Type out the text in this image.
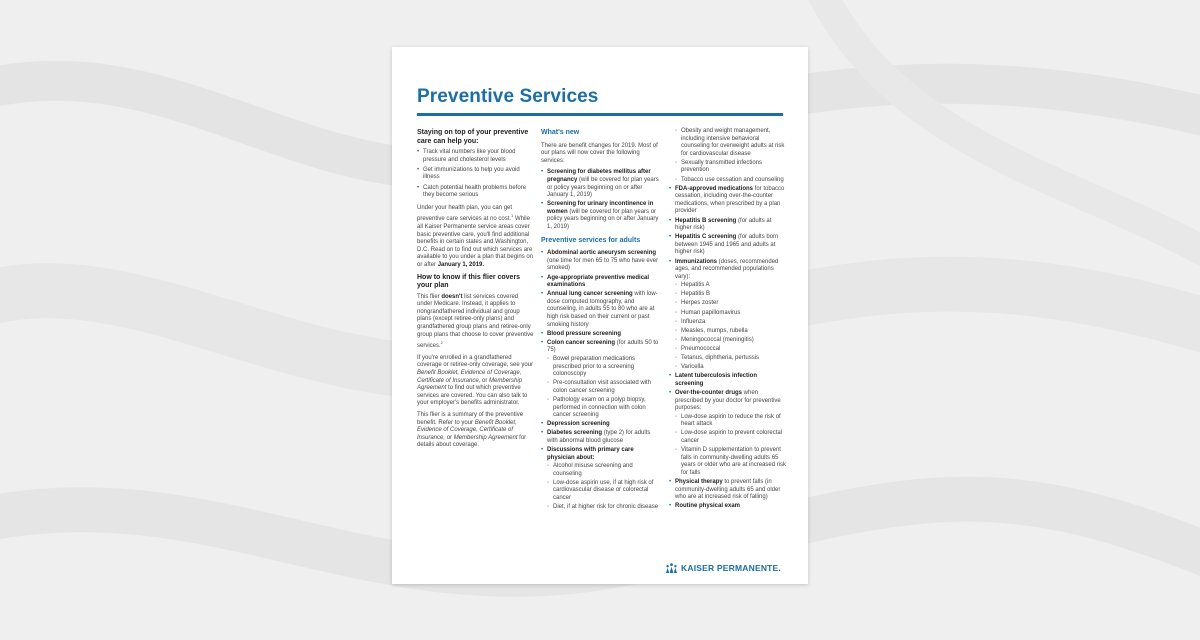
Preventive Services
Staying on top of your preventive care can help you:
• Track vital numbers like your blood pressure and cholesterol levels
• Get immunizations to help you avoid illness
• Catch potential health problems before they become serious

Under your health plan, you can get preventive care services at no cost.$^1$ While all Kaiser Permanente service areas cover basic preventive care, you'll find additional benefits in certain states and Washington, D.C. Read on to find out which services are available to you under a plan that begins on or after January 1, 2019.

How to know if this flier covers your plan

This flier doesn't list services covered under Medicare. Instead, it applies to nongrandfathered individual and group plans (except retiree-only plans) and grandfathered group plans and retiree-only group plans that choose to cover preventive services.$^2$

If you're enrolled in a grandfathered coverage or retiree-only coverage, see your Benefit Booklet, Evidence of Coverage, Certificate of Insurance, or Membership Agreement to find out which preventive services are covered. You can also talk to your employer's benefits administrator.

This flier is a summary of the preventive benefit. Refer to your Benefit Booklet, Evidence of Coverage, Certificate of Insurance, or Membership Agreement for details about coverage.

What's new

There are benefit changes for 2019. Most of our plans will now cover the following services:

• Screening for diabetes mellitus after pregnancy (will be covered for plan years or policy years beginning on or after January 1, 2019)
• Screening for urinary incontinence in women (will be covered for plan years or policy years beginning on or after January 1, 2019)
Preventive services for adults
• Abdominal aortic aneurysm screening (one time for men 65 to 75 who have ever smoked)
• Age-appropriate preventive medical examinations
• Annual lung cancer screening with low-dose computed tomography, and counseling, in adults 55 to 80 who are at high risk based on their current or past smoking history
• Blood pressure screening
• Colon cancer screening (for adults 50 to 75)
◦ Bowel preparation medications prescribed prior to a screening colonoscopy
◦ Pre-consultation visit associated with colon cancer screening
◦ Pathology exam on a polyp biopsy, performed in connection with colon cancer screening
• Depression screening
• Diabetes screening (type 2) for adults with abnormal blood glucose
• Discussions with primary care physician about:
◦ Alcohol misuse screening and counseling
◦ Low-dose aspirin use, if at high risk of cardiovascular disease or colorectal cancer
◦ Diet, if at higher risk for chronic disease
◦ Obesity and weight management, including intensive behavioral counseling for overweight adults at risk for cardiovascular disease
◦ Sexually transmitted infections prevention
◦ Tobacco use cessation and counseling
• FDA-approved medications for tobacco cessation, including over-the-counter medications, when prescribed by a plan provider
• Hepatitis B screening (for adults at higher risk)
• Hepatitis C screening (for adults born between 1945 and 1965 and adults at higher risk)
• Immunizations (doses, recommended ages, and recommended populations vary):
◦ Hepatitis A
◦ Hepatitis B
◦ Herpes zoster
◦ Human papillomavirus
◦ Influenza
◦ Measles, mumps, rubella
◦ Meningococcal (meningitis)
◦ Pneumococcal
◦ Tetanus, diphtheria, pertussis
◦ Varicella
• Latent tuberculosis infection screening
• Over-the-counter drugs when prescribed by your doctor for preventive purposes:
◦ Low-dose aspirin to reduce the risk of heart attack
◦ Low-dose aspirin to prevent colorectal cancer
◦ Vitamin D supplementation to prevent falls in community-dwelling adults 65 years or older who are at increased risk for falls
• Physical therapy to prevent falls (in community-dwelling adults 65 and older who are at increased risk of falling)
• Routine physical exam
KAISER PERMANENTE.
